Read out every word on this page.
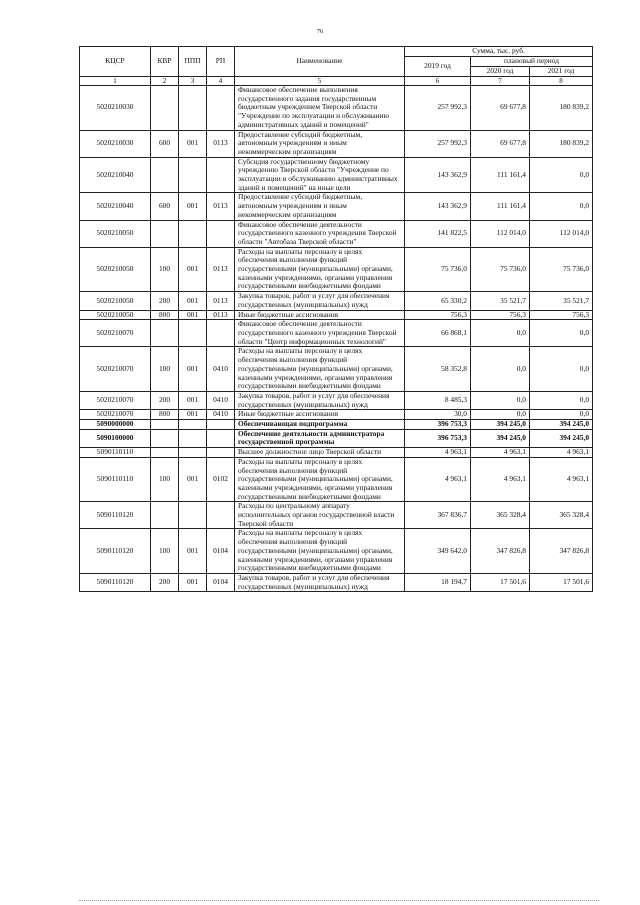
76
КЦСР	КВР	ППП	РП	Наименование	Сумма, тыс. руб.		
					2019 год	плановый период	
						2020 год	2021 год
1	2	3	4	5	6	7	8
5020210030				Финансовое обеспечение выполнения государственного задания государственным бюджетным учреждением Тверской области "Учреждение по эксплуатации и обслуживанию административных зданий и помещений"	257 992,3	69 677,8	180 839,2
5020210030	600	001	0113	Предоставление субсидий бюджетным, автономным учреждениям и иным некоммерческим организациям	257 992,3	69 677,8	180 839,2
5020210040				Субсидия государственному бюджетному учреждению Тверской области "Учреждение по эксплуатации и обслуживанию административных зданий и помещений" на иные цели	143 362,9	111 161,4	0,0
5020210040	600	001	0113	Предоставление субсидий бюджетным, автономным учреждениям и иным некоммерческим организациям	143 362,9	111 161,4	0,0
5020210050				Финансовое обеспечение деятельности государственного казенного учреждения Тверской области "Автобаза Тверской области"	141 822,5	112 014,0	112 014,0
5020210050	100	001	0113	Расходы на выплаты персоналу в целях обеспечения выполнения функций государственными (муниципальными) органами, казенными учреждениями, органами управления государственными внебюджетными фондами	75 736,0	75 736,0	75 736,0
5020210050	200	001	0113	Закупка товаров, работ и услуг для обеспечения государственных (муниципальных) нужд	65 330,2	35 521,7	35 521,7
5020210050	800	001	0113	Иные бюджетные ассигнования	756,3	756,3	756,3
5020210070				Финансовое обеспечение деятельности государственного казенного учреждения Тверской области "Центр информационных технологий"	66 868,1	0,0	0,0
5020210070	100	001	0410	Расходы на выплаты персоналу в целях обеспечения выполнения функций государственными (муниципальными) органами, казенными учреждениями, органами управления государственными внебюджетными фондами	58 352,8	0,0	0,0
5020210070	200	001	0410	Закупка товаров, работ и услуг для обеспечения государственных (муниципальных) нужд	8 485,3	0,0	0,0
5020210070	800	001	0410	Иные бюджетные ассигнования	30,0	0,0	0,0
5090000000				Обеспечивающая подпрограмма	396 753,3	394 245,0	394 245,0
5090100000				Обеспечение деятельности администратора государственной программы	396 753,3	394 245,0	394 245,0
5090110110				Высшее должностное лицо Тверской области	4 963,1	4 963,1	4 963,1
5090110110	100	001	0102	Расходы на выплаты персоналу в целях обеспечения выполнения функций государственными (муниципальными) органами, казенными учреждениями, органами управления государственными внебюджетными фондами	4 963,1	4 963,1	4 963,1
5090110120				Расходы по центральному аппарату исполнительных органов государственной власти Тверской области	367 836,7	365 328,4	365 328,4
5090110120	100	001	0104	Расходы на выплаты персоналу в целях обеспечения выполнения функций государственными (муниципальными) органами, казенными учреждениями, органами управления государственными внебюджетными фондами	349 642,0	347 826,8	347 826,8
5090110120	200	001	0104	Закупка товаров, работ и услуг для обеспечения государственных (муниципальных) нужд	18 194,7	17 501,6	17 501,6
